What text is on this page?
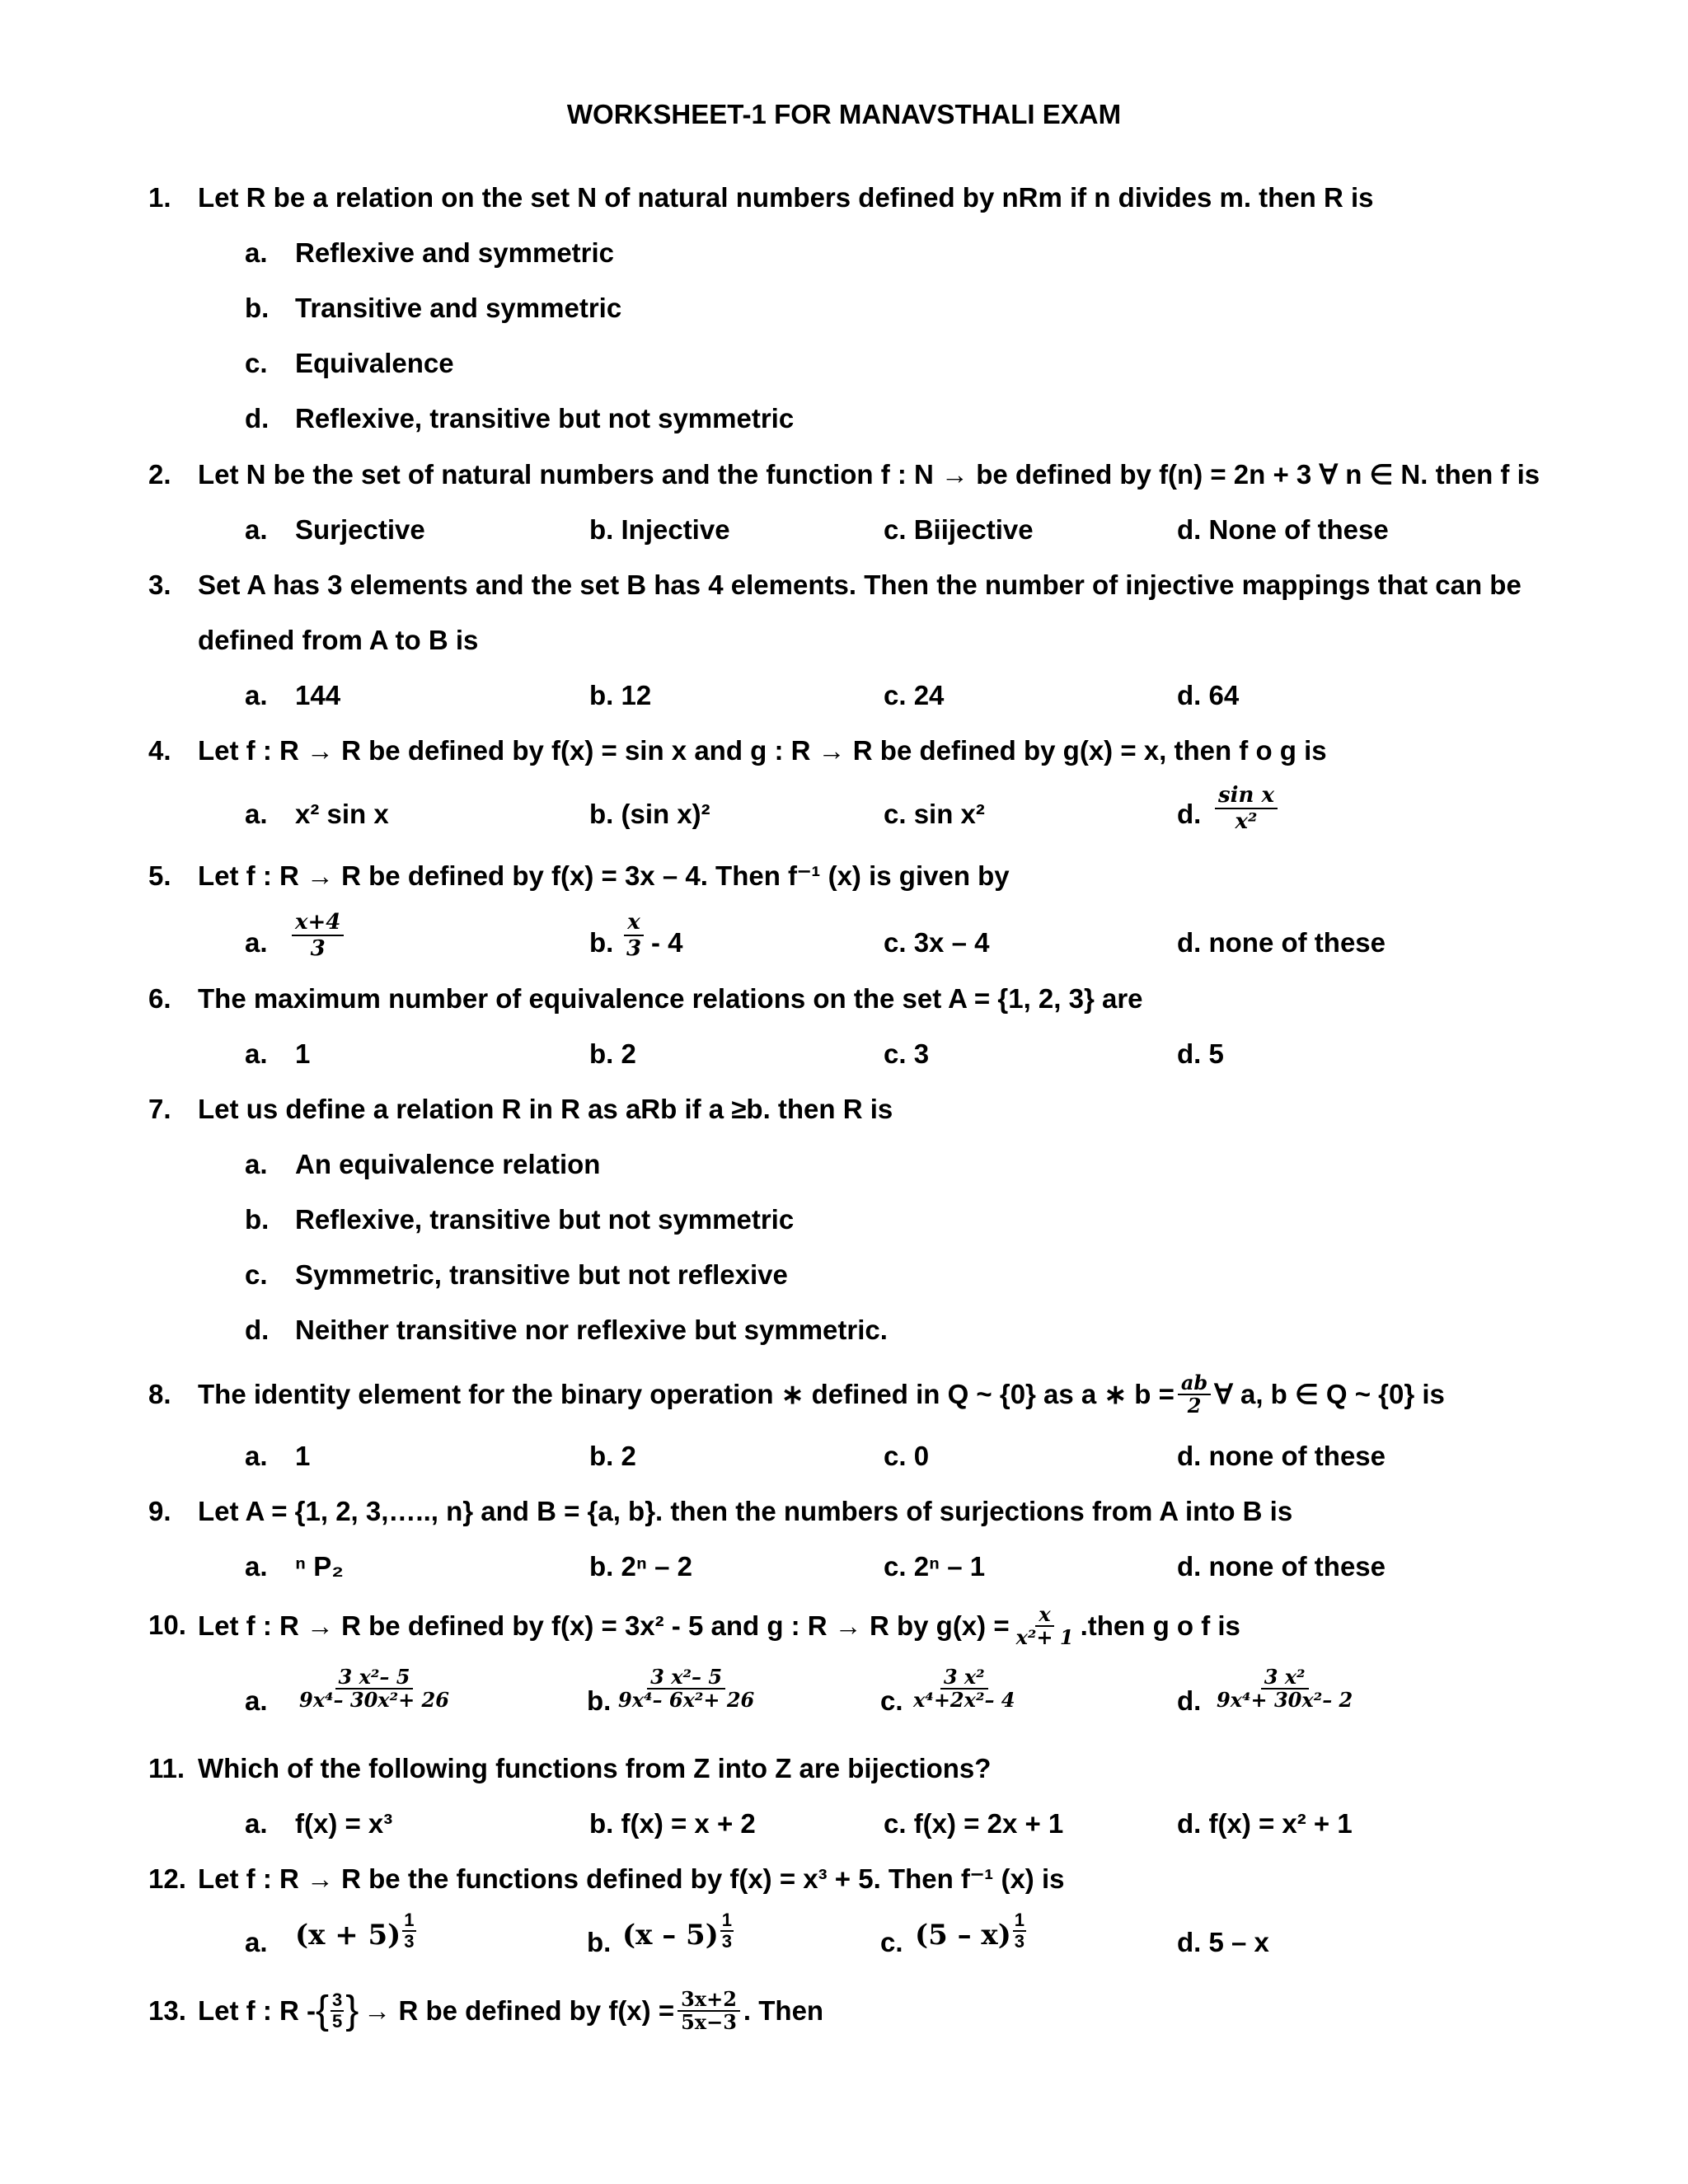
WORKSHEET-1 FOR MANAVSTHALI EXAM
1. Let R be a relation on the set N of natural numbers defined by nRm if n divides m. then R is
a. Reflexive and symmetric
b. Transitive and symmetric
c. Equivalence
d. Reflexive, transitive but not symmetric
2. Let N be the set of natural numbers and the function f : N → be defined by f(n) = 2n + 3 ∀ n ∈ N. then f is
a. Surjective	b. Injective	c. Biijective	d. None of these
3. Set A has 3 elements and the set B has 4 elements. Then the number of injective mappings that can be
defined from A to B is
a. 144	b. 12	c. 24	d. 64
4. Let f : R → R be defined by f(x) = sin x and g : R → R be defined by g(x) = x, then f o g is
a. x² sin x	b. (sin x)²	c. sin x²	d. $\frac{\text{sin x}}{\text{x²}}$
5. Let f : R → R be defined by f(x) = 3x – 4. Then f⁻¹ (x) is given by
a. $\frac{x+4}{3}$	b. $\frac{x}{3} - 4$	c. 3x – 4	d. none of these
6. The maximum number of equivalence relations on the set A = {1, 2, 3} are
a. 1	b. 2	c. 3	d. 5
7. Let us define a relation R in R as aRb if a ≥b. then R is
a. An equivalence relation
b. Reflexive, transitive but not symmetric
c. Symmetric, transitive but not reflexive
d. Neither transitive nor reflexive but symmetric.
8. The identity element for the binary operation ∗ defined in Q ~ {0} as a ∗ $b = \frac{ab}{2}$ ∀ a, b ∈ Q ~ {0} is
a. 1	b. 2	c. 0	d. none of these
9. Let A = {1, 2, 3,….., n} and B = {a, b}. then the numbers of surjections from A into B is
a. ⁿ P₂	b. 2ⁿ – 2	c. 2ⁿ – 1	d. none of these
10. Let f : R → R be defined by f(x) = 3x² - 5 and g : R → R by $g(x) = \frac{x}{\text{x²+ 1}}$ .then g o f is
a. $\frac{\text{3 x²– 5}}{\text{9x⁴– 30x²+ 26}}$	b. $\frac{\text{3 x²– 5}}{\text{9x⁴– 6x²+ 26}}$	c. $\frac{\text{3 x²}}{\text{x⁴+2x²– 4}}$	d. $\frac{\text{3 x²}}{\text{9x⁴+ 30x²– 2}}$
11. Which of the following functions from Z into Z are bijections?
a. f(x) = x³	b. f(x) = x + 2	c. f(x) = 2x + 1	d. f(x) = x² + 1
12. Let f : R → R be the functions defined by f(x) = x³ + 5. Then f⁻¹ (x) is
a. $(x + 5) \frac{1}{3}$	b. $(x - 5) \frac{1}{3}$	c. $(5 - x) \frac{1}{3}$	d. 5 – x
13. Let f : R - { $\frac{3}{5}$ } → R be defined by $f(x) = \frac{3x+2}{5x-3}$ . Then
